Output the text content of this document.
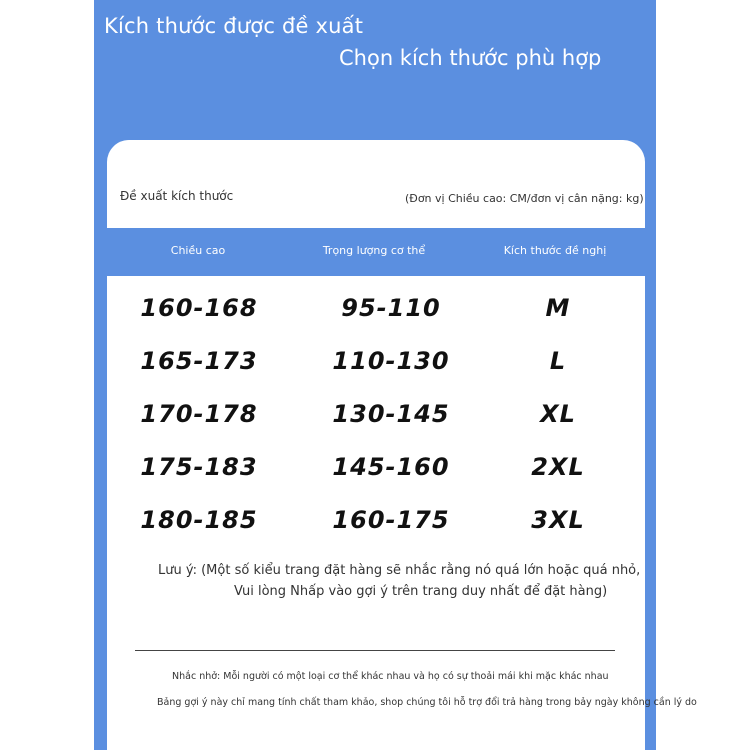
Kích thước được đề xuất
Chọn kích thước phù hợp
Đề xuất kích thước	(Đơn vị Chiều cao: CM/đơn vị cân nặng: kg)
Chiều cao	Trọng lượng cơ thể	Kích thước đề nghị
160-168	95-110	M
165-173	110-130	L
170-178	130-145	XL
175-183	145-160	2XL
180-185	160-175	3XL
Lưu ý: (Một số kiểu trang đặt hàng sẽ nhắc rằng nó quá lớn hoặc quá nhỏ,
Vui lòng Nhấp vào gợi ý trên trang duy nhất để đặt hàng)
Nhắc nhở: Mỗi người có một loại cơ thể khác nhau và họ có sự thoải mái khi mặc khác nhau
Bảng gợi ý này chỉ mang tính chất tham khảo, shop chúng tôi hỗ trợ đổi trả hàng trong bảy ngày không cần lý do
